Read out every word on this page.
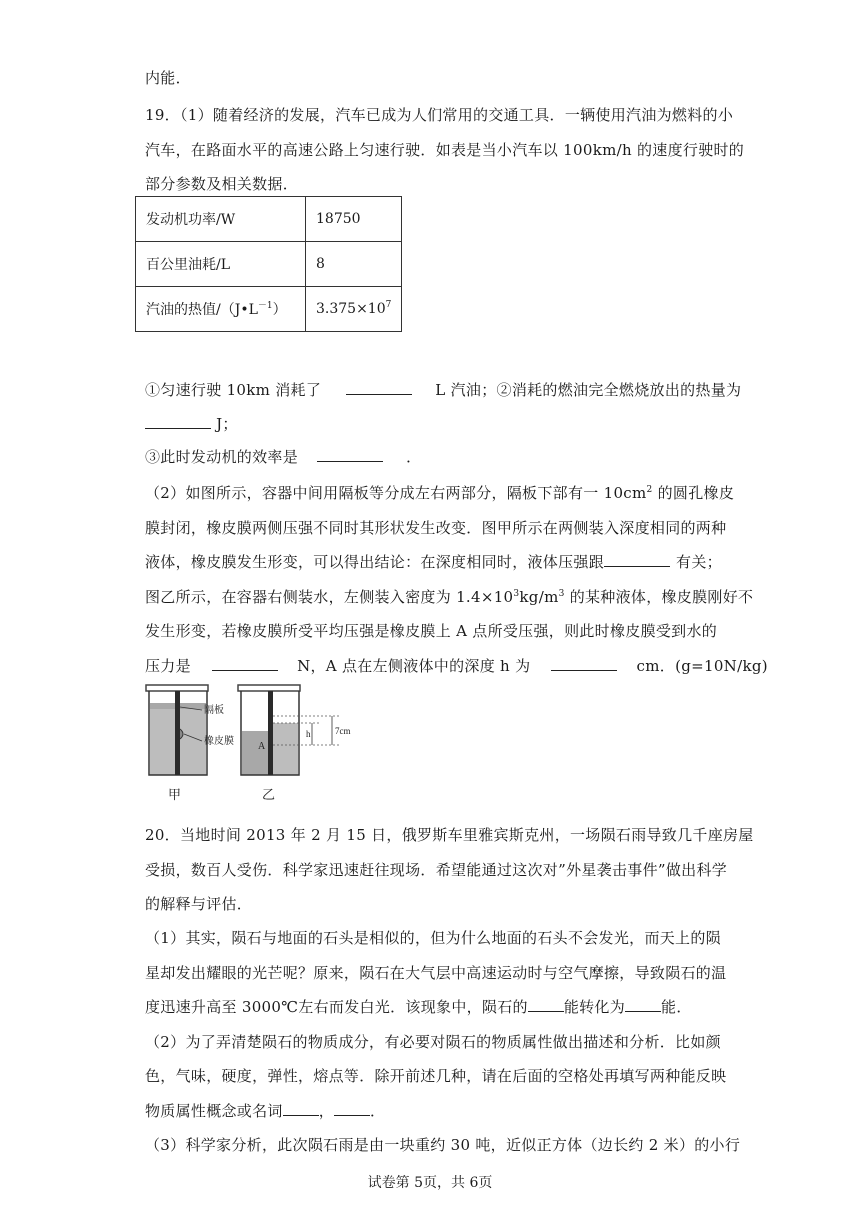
内能．
19．（1）随着经济的发展，汽车已成为人们常用的交通工具．一辆使用汽油为燃料的小
汽车，在路面水平的高速公路上匀速行驶．如表是当小汽车以 100km/h 的速度行驶时的
部分参数及相关数据．
发动机功率/W	18750
百公里油耗/L	8
汽油的热值$/(J•L^{-1})$	$3.375\times 10^7$
①匀速行驶 10km 消耗了	L 汽油；②消耗的燃油完全燃烧放出的热量为
J；
③此时发动机的效率是	．
（2）如图所示，容器中间用隔板等分成左右两部分，隔板下部有一 $10cm^2$ 的圆孔橡皮
膜封闭，橡皮膜两侧压强不同时其形状发生改变．图甲所示在两侧装入深度相同的两种
液体，橡皮膜发生形变，可以得出结论：在深度相同时，液体压强跟	有关；
图乙所示，在容器右侧装水，左侧装入密度为 $1.4\times 10^3kg/m^3$ 的某种液体，橡皮膜刚好不
发生形变，若橡皮膜所受平均压强是橡皮膜上 A 点所受压强，则此时橡皮膜受到水的
压力是	N，A 点在左侧液体中的深度 h 为	cm．(g=10N/kg)
隔板
橡皮膜 A
h	7cm
甲	乙
20．当地时间 2013 年 2 月 15 日，俄罗斯车里雅宾斯克州，一场陨石雨导致几千座房屋
受损，数百人受伤．科学家迅速赶往现场．希望能通过这次对”外星袭击事件”做出科学
的解释与评估．
（1）其实，陨石与地面的石头是相似的，但为什么地面的石头不会发光，而天上的陨
星却发出耀眼的光芒呢？原来，陨石在大气层中高速运动时与空气摩擦，导致陨石的温
度迅速升高至 3000℃左右而发白光．该现象中，陨石的 能转化为 能．
（2）为了弄清楚陨石的物质成分，有必要对陨石的物质属性做出描述和分析．比如颜
色，气味，硬度，弹性，熔点等．除开前述几种，请在后面的空格处再填写两种能反映
物质属性概念或名词 ， ．
（3）科学家分析，此次陨石雨是由一块重约 30 吨，近似正方体（边长约 2 米）的小行
试卷第 5页，共 6页
